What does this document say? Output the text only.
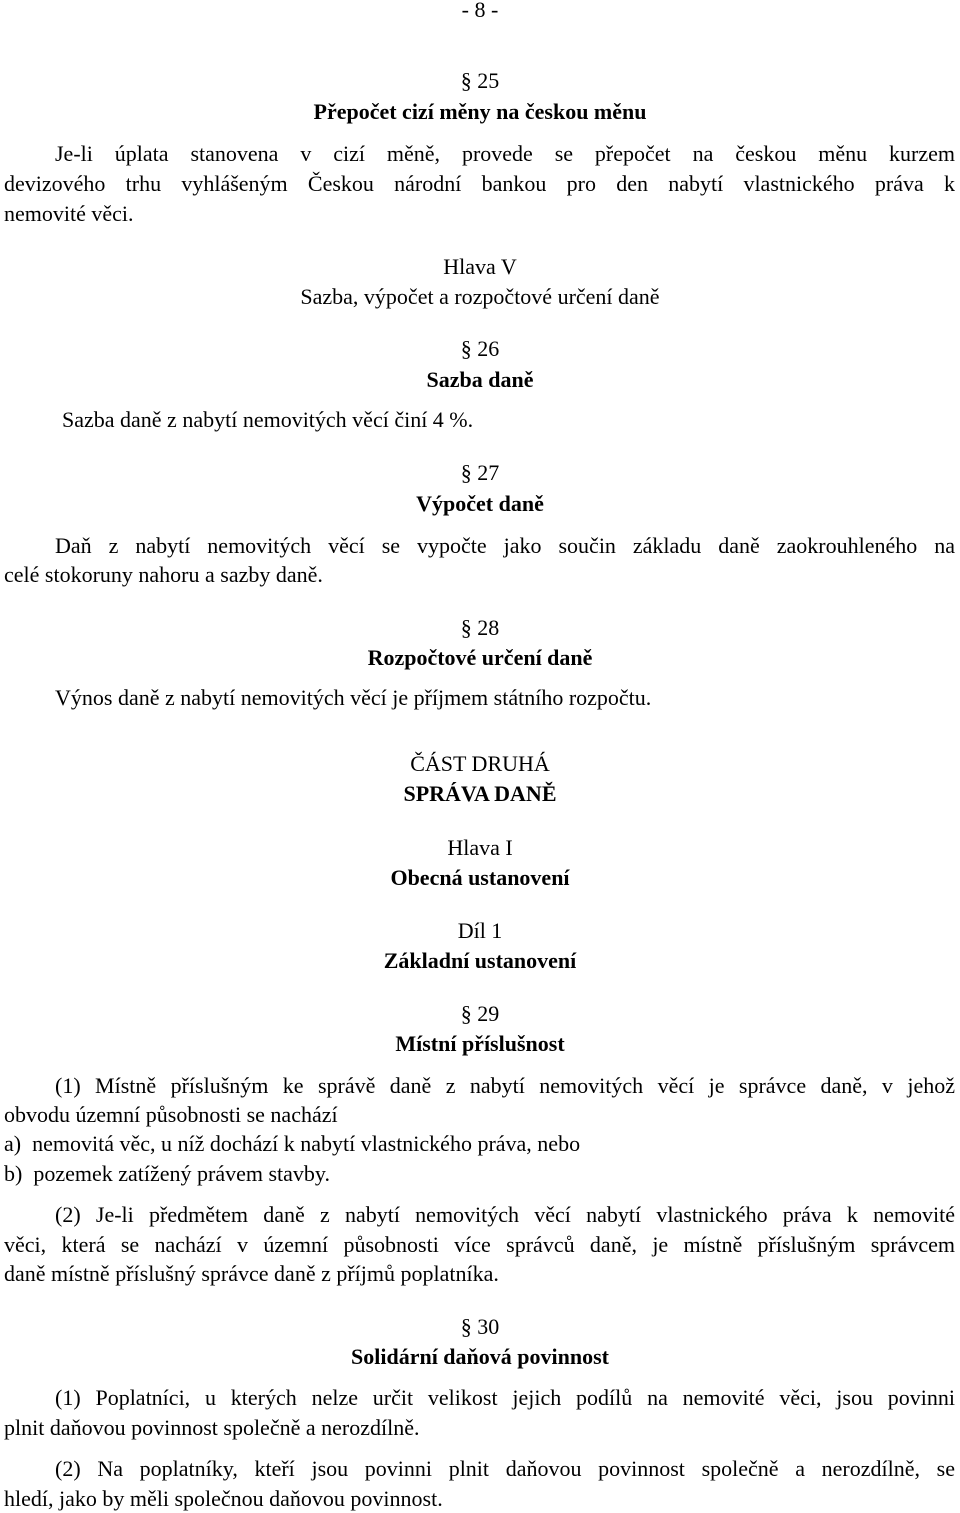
- 8 -
§ 25
Přepočet cizí měny na českou měnu
Je-li úplata stanovena v cizí měně, provede se přepočet na českou měnu kurzem
devizového trhu vyhlášeným Českou národní bankou pro den nabytí vlastnického práva k
nemovité věci.
Hlava V
Sazba, výpočet a rozpočtové určení daně
§ 26
Sazba daně
Sazba daně z nabytí nemovitých věcí činí 4 %.
§ 27
Výpočet daně
Daň z nabytí nemovitých věcí se vypočte jako součin základu daně zaokrouhleného na
celé stokoruny nahoru a sazby daně.
§ 28
Rozpočtové určení daně
Výnos daně z nabytí nemovitých věcí je příjmem státního rozpočtu.
ČÁST DRUHÁ
SPRÁVA DANĚ
Hlava I
Obecná ustanovení
Díl 1
Základní ustanovení
§ 29
Místní příslušnost
(1) Místně příslušným ke správě daně z nabytí nemovitých věcí je správce daně, v jehož
obvodu územní působnosti se nachází
a)  nemovitá věc, u níž dochází k nabytí vlastnického práva, nebo
b)  pozemek zatížený právem stavby.
(2) Je-li předmětem daně z nabytí nemovitých věcí nabytí vlastnického práva k nemovité
věci, která se nachází v územní působnosti více správců daně, je místně příslušným správcem
daně místně příslušný správce daně z příjmů poplatníka.
§ 30
Solidární daňová povinnost
(1) Poplatníci, u kterých nelze určit velikost jejich podílů na nemovité věci, jsou povinni
plnit daňovou povinnost společně a nerozdílně.
(2) Na poplatníky, kteří jsou povinni plnit daňovou povinnost společně a nerozdílně, se
hledí, jako by měli společnou daňovou povinnost.
